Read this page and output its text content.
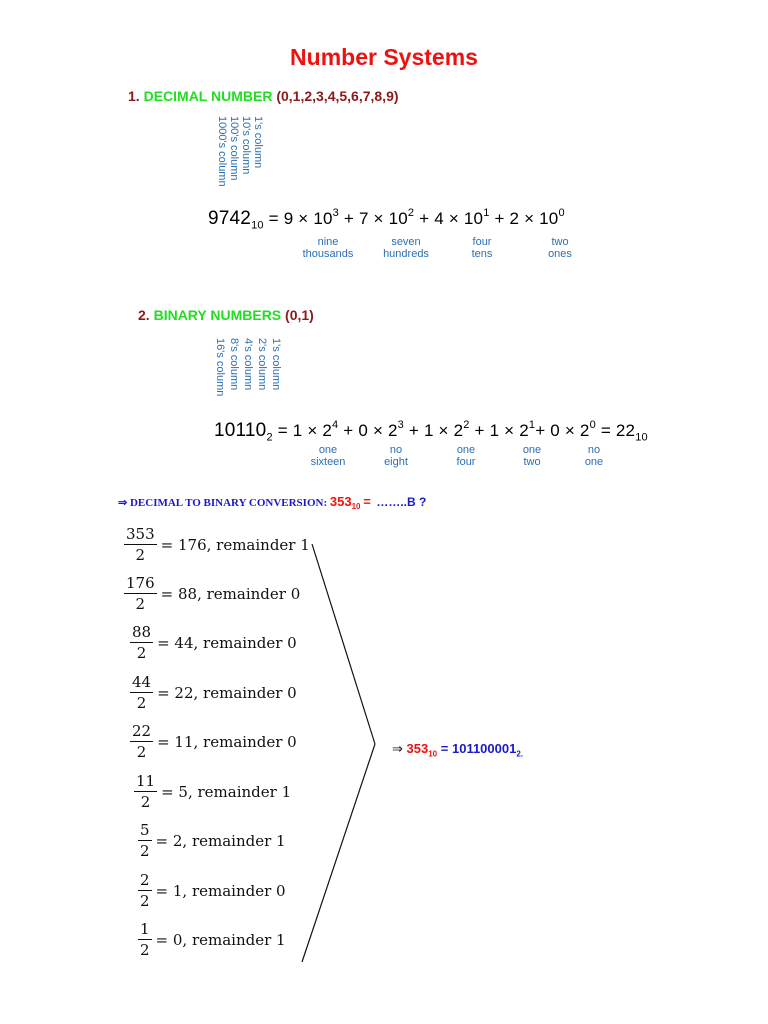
Number Systems
1. DECIMAL NUMBER (0,1,2,3,4,5,6,7,8,9)
1's column
10's column
100's column
1000's column
$9742_{10} = 9 \times 10^3 + 7 \times 10^2 + 4 \times 10^1 + 2 \times 10^0$
nine
thousands
seven
hundreds
four
tens
two
ones
2. BINARY NUMBERS (0,1)
1's column
2's column
4's column
8's column
16's column
$10110_2 = 1 \times 2^4 + 0 \times 2^3 + 1 \times 2^2 + 1 \times 2^1+ 0 \times 2^0 = 22_{10}$
one
sixteen
no
eight
one
four
one
two
no
one
⇒ DECIMAL TO BINARY CONVERSION: $353_{10}$ = ……..B ?
$\frac{353}{2} = 176$, remainder 1
$\frac{176}{2} = 88$, remainder 0
$\frac{88}{2} = 44$, remainder 0
$\frac{44}{2} = 22$, remainder 0
$\frac{22}{2} = 11$, remainder 0
$\frac{11}{2} = 5$, remainder 1
$\frac{5}{2} = 2$, remainder 1
$\frac{2}{2} = 1$, remainder 0
$\frac{1}{2} = 0$, remainder 1
⇒ $353_{10} = 101100001_{2.}$
